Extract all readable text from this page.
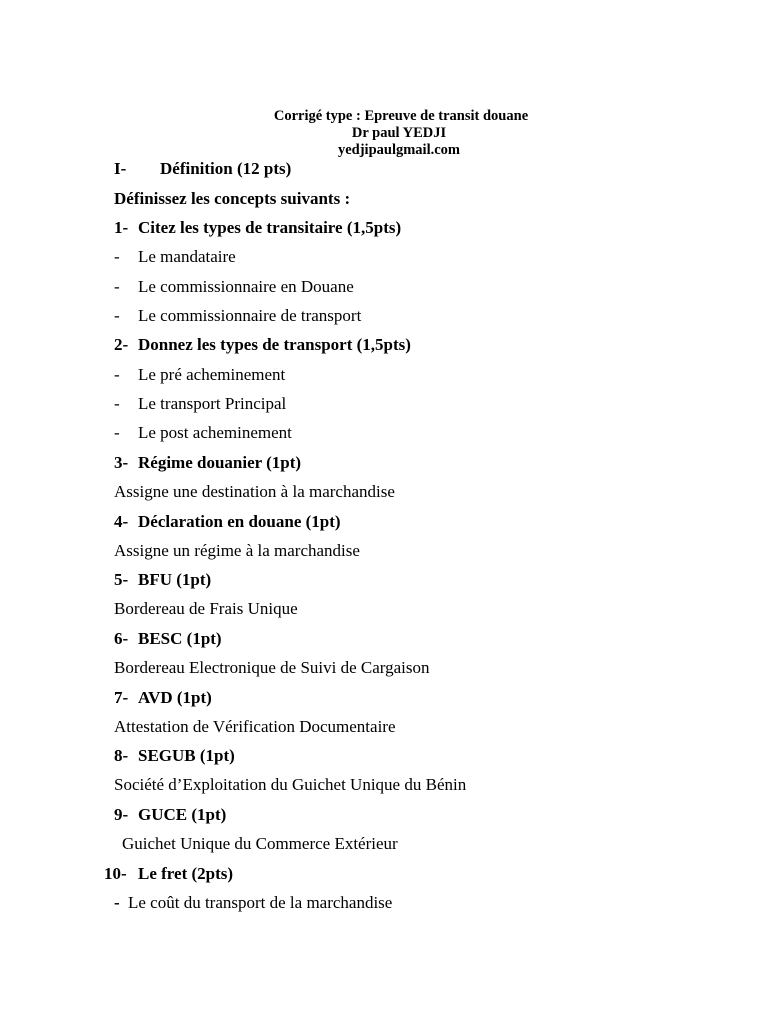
Corrigé type : Epreuve de transit douane
Dr paul YEDJI
yedjipaulgmail.com
I- Définition (12 pts)
Définissez les concepts suivants :
1- Citez les types de transitaire (1,5pts)
- Le mandataire
- Le commissionnaire en Douane
- Le commissionnaire de transport
2- Donnez les types de transport (1,5pts)
- Le pré acheminement
- Le transport Principal
- Le post acheminement
3- Régime douanier (1pt)
Assigne une destination à la marchandise
4- Déclaration en douane (1pt)
Assigne un régime à la marchandise
5- BFU (1pt)
Bordereau de Frais Unique
6- BESC (1pt)
Bordereau Electronique de Suivi de Cargaison
7- AVD (1pt)
Attestation de Vérification Documentaire
8- SEGUB (1pt)
Société d’Exploitation du Guichet Unique du Bénin
9- GUCE (1pt)
Guichet Unique du Commerce Extérieur
10- Le fret (2pts)
- Le coût du transport de la marchandise
